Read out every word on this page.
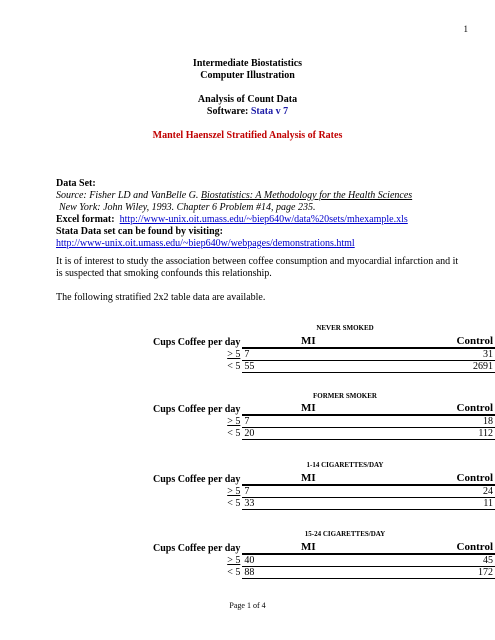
1
Intermediate Biostatistics
Computer Illustration
Analysis of Count Data
Software: Stata v 7
Mantel Haenszel Stratified Analysis of Rates

Data Set:

Source: Fisher LD and VanBelle G. Biostatistics: A Methodology for the Health Sciences

New York: John Wiley, 1993. Chapter 6 Problem #14, page 235.

Excel format:  http://www-unix.oit.umass.edu/~biep640w/data%20sets/mhexample.xls

Stata Data set can be found by visiting:

http://www-unix.oit.umass.edu/~biep640w/webpages/demonstrations.html

It is of interest to study the association between coffee consumption and myocardial infarction and it is suspected that smoking confounds this relationship.
The following stratified 2x2 table data are available.
NEVER SMOKED
Cups Coffee per day	MI	Control
> 5	7	31
< 5	55	2691
FORMER SMOKER
Cups Coffee per day	MI	Control
> 5	7	18
< 5	20	112
1-14 CIGARETTES/DAY
Cups Coffee per day	MI	Control
> 5	7	24
< 5	33	11
15-24 CIGARETTES/DAY
Cups Coffee per day	MI	Control
> 5	40	45
< 5	88	172
Page 1 of 4
